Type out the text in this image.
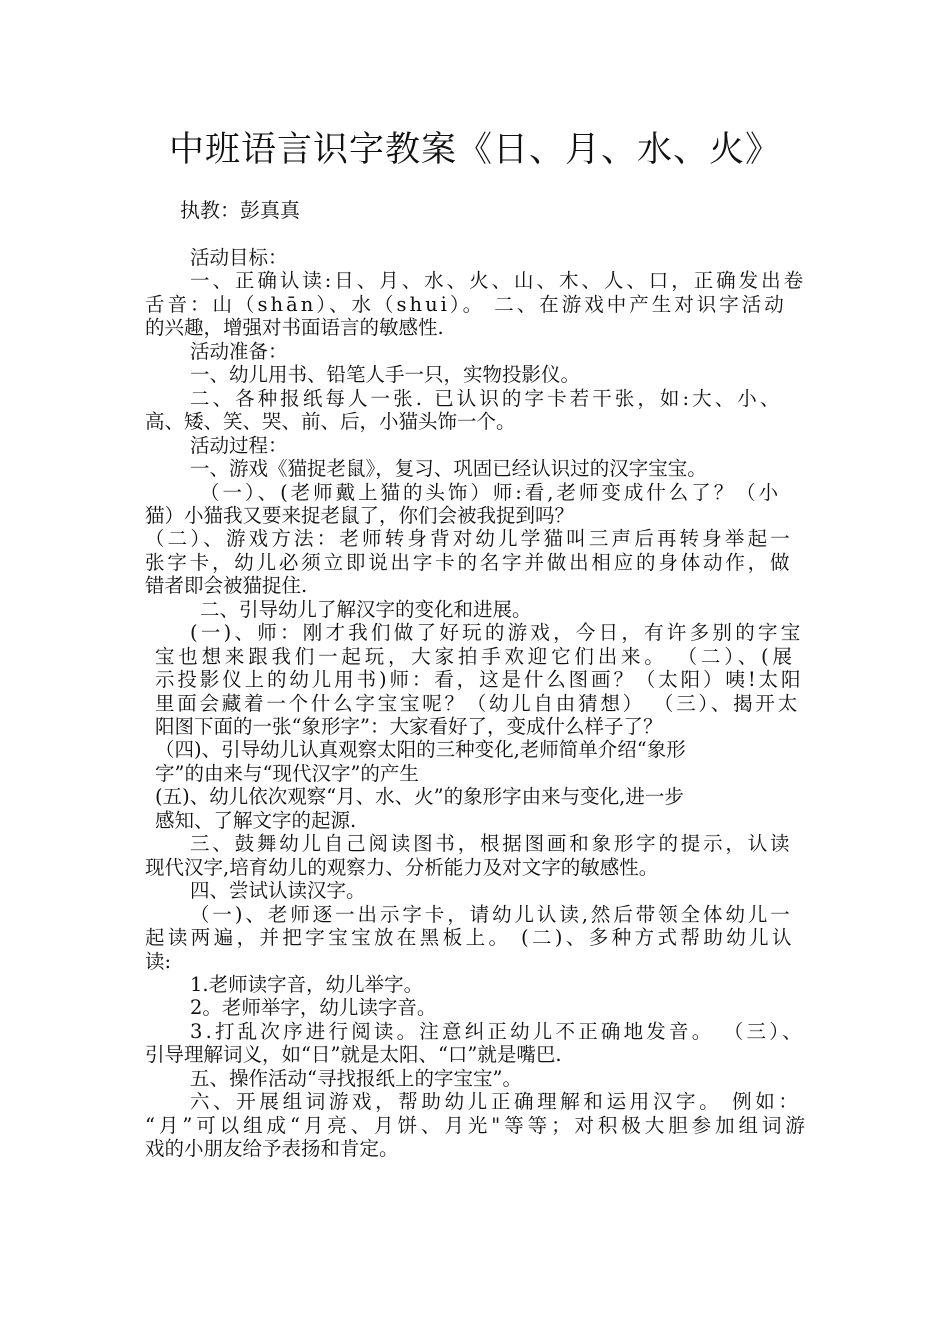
中班语言识字教案《日、月、水、火》
执教：彭真真
活动目标：
一、正确认读:日、月、水、火、山、木、人、口，正确发出卷
舌音：山（shān）、水（shui）。 二、在游戏中产生对识字活动
的兴趣，增强对书面语言的敏感性.
活动准备：
一、幼儿用书、铅笔人手一只，实物投影仪。
二、各种报纸每人一张. 已认识的字卡若干张，如:大、小、
高、矮、笑、哭、前、后，小猫头饰一个。
活动过程：
一、游戏《猫捉老鼠》，复习、巩固已经认识过的汉字宝宝。
（一）、(老师戴上猫的头饰）师:看,老师变成什么了？（小
猫）小猫我又要来捉老鼠了，你们会被我捉到吗？
（二）、游戏方法：老师转身背对幼儿学猫叫三声后再转身举起一
张字卡，幼儿必须立即说出字卡的名字并做出相应的身体动作，做
错者即会被猫捉住.
二、引导幼儿了解汉字的变化和进展。
(一)、师：刚才我们做了好玩的游戏，今日，有许多别的字宝
宝也想来跟我们一起玩，大家拍手欢迎它们出来。 （二）、(展
示投影仪上的幼儿用书)师：看，这是什么图画？（太阳）咦!太阳
里面会藏着一个什么字宝宝呢？（幼儿自由猜想） （三）、揭开太
阳图下面的一张“象形字”：大家看好了，变成什么样子了？
（四)、引导幼儿认真观察太阳的三种变化,老师简单介绍“象形
字”的由来与“现代汉字”的产生
(五)、幼儿依次观察“月、水、火”的象形字由来与变化,进一步
感知、了解文字的起源.
三、鼓舞幼儿自己阅读图书，根据图画和象形字的提示，认读
现代汉字,培育幼儿的观察力、分析能力及对文字的敏感性。
四、尝试认读汉字。
（一)、老师逐一出示字卡，请幼儿认读,然后带领全体幼儿一
起读两遍，并把字宝宝放在黑板上。 (二)、多种方式帮助幼儿认
读:
1.老师读字音，幼儿举字。
2。老师举字，幼儿读字音。
3.打乱次序进行阅读。注意纠正幼儿不正确地发音。 （三）、
引导理解词义，如“日”就是太阳、“口”就是嘴巴.
五、操作活动“寻找报纸上的字宝宝”。
六、开展组词游戏，帮助幼儿正确理解和运用汉字。 例如：
“月”可以组成“月亮、月饼、月光"等等；对积极大胆参加组词游
戏的小朋友给予表扬和肯定。
